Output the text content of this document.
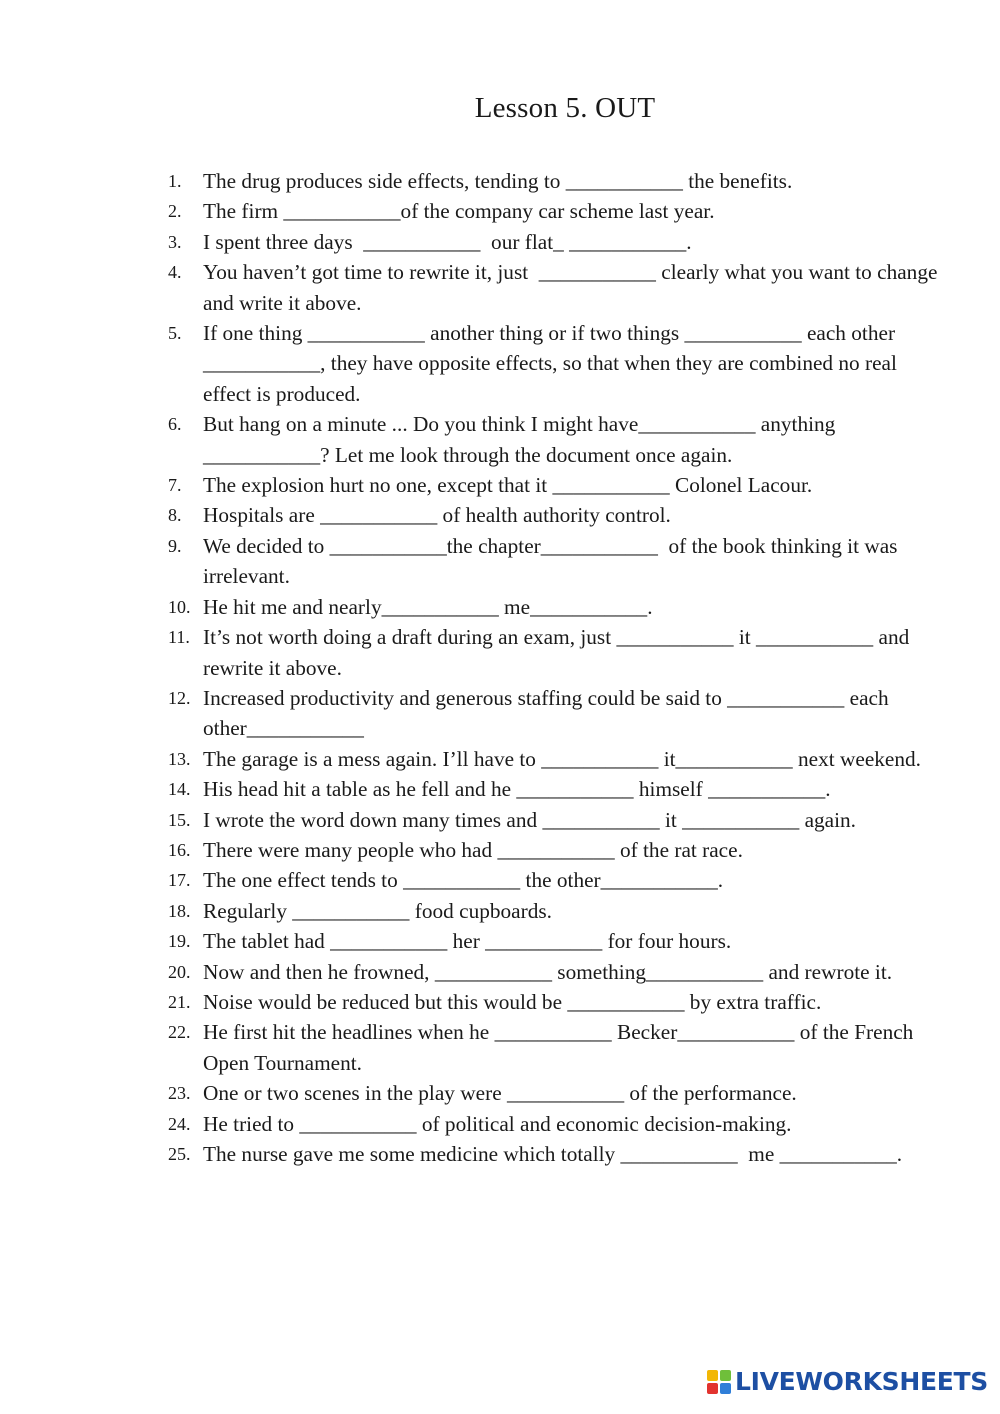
Lesson 5. OUT
1.	The drug produces side effects, tending to ___________ the benefits.
2.	The firm ___________of the company car scheme last year.
3.	I spent three days  ___________  our flat_ ___________.
4.	You haven’t got time to rewrite it, just  ___________ clearly what you want to change and write it above.
5.	If one thing ___________ another thing or if two things ___________ each other ___________, they have opposite effects, so that when they are combined no real effect is produced.
6.	But hang on a minute ... Do you think I might have___________ anything ___________? Let me look through the document once again.
7.	The explosion hurt no one, except that it ___________ Colonel Lacour.
8.	Hospitals are ___________ of health authority control.
9.	We decided to ___________the chapter___________  of the book thinking it was irrelevant.
10. He hit me and nearly___________ me___________.
11. It’s not worth doing a draft during an exam, just ___________ it ___________ and rewrite it above.
12. Increased productivity and generous staffing could be said to ___________ each other___________
13. The garage is a mess again. I’ll have to ___________ it___________ next weekend.
14. His head hit a table as he fell and he ___________ himself ___________.
15. I wrote the word down many times and ___________ it ___________ again.
16. There were many people who had ___________ of the rat race.
17. The one effect tends to ___________ the other___________.
18. Regularly ___________ food cupboards.
19. The tablet had ___________ her ___________ for four hours.
20. Now and then he frowned, ___________ something___________ and rewrote it.
21. Noise would be reduced but this would be ___________ by extra traffic.
22. He first hit the headlines when he ___________ Becker___________ of the French Open Tournament.
23. One or two scenes in the play were ___________ of the performance.
24. He tried to ___________ of political and economic decision-making.
25. The nurse gave me some medicine which totally ___________  me ___________.
LIVEWORKSHEETS
